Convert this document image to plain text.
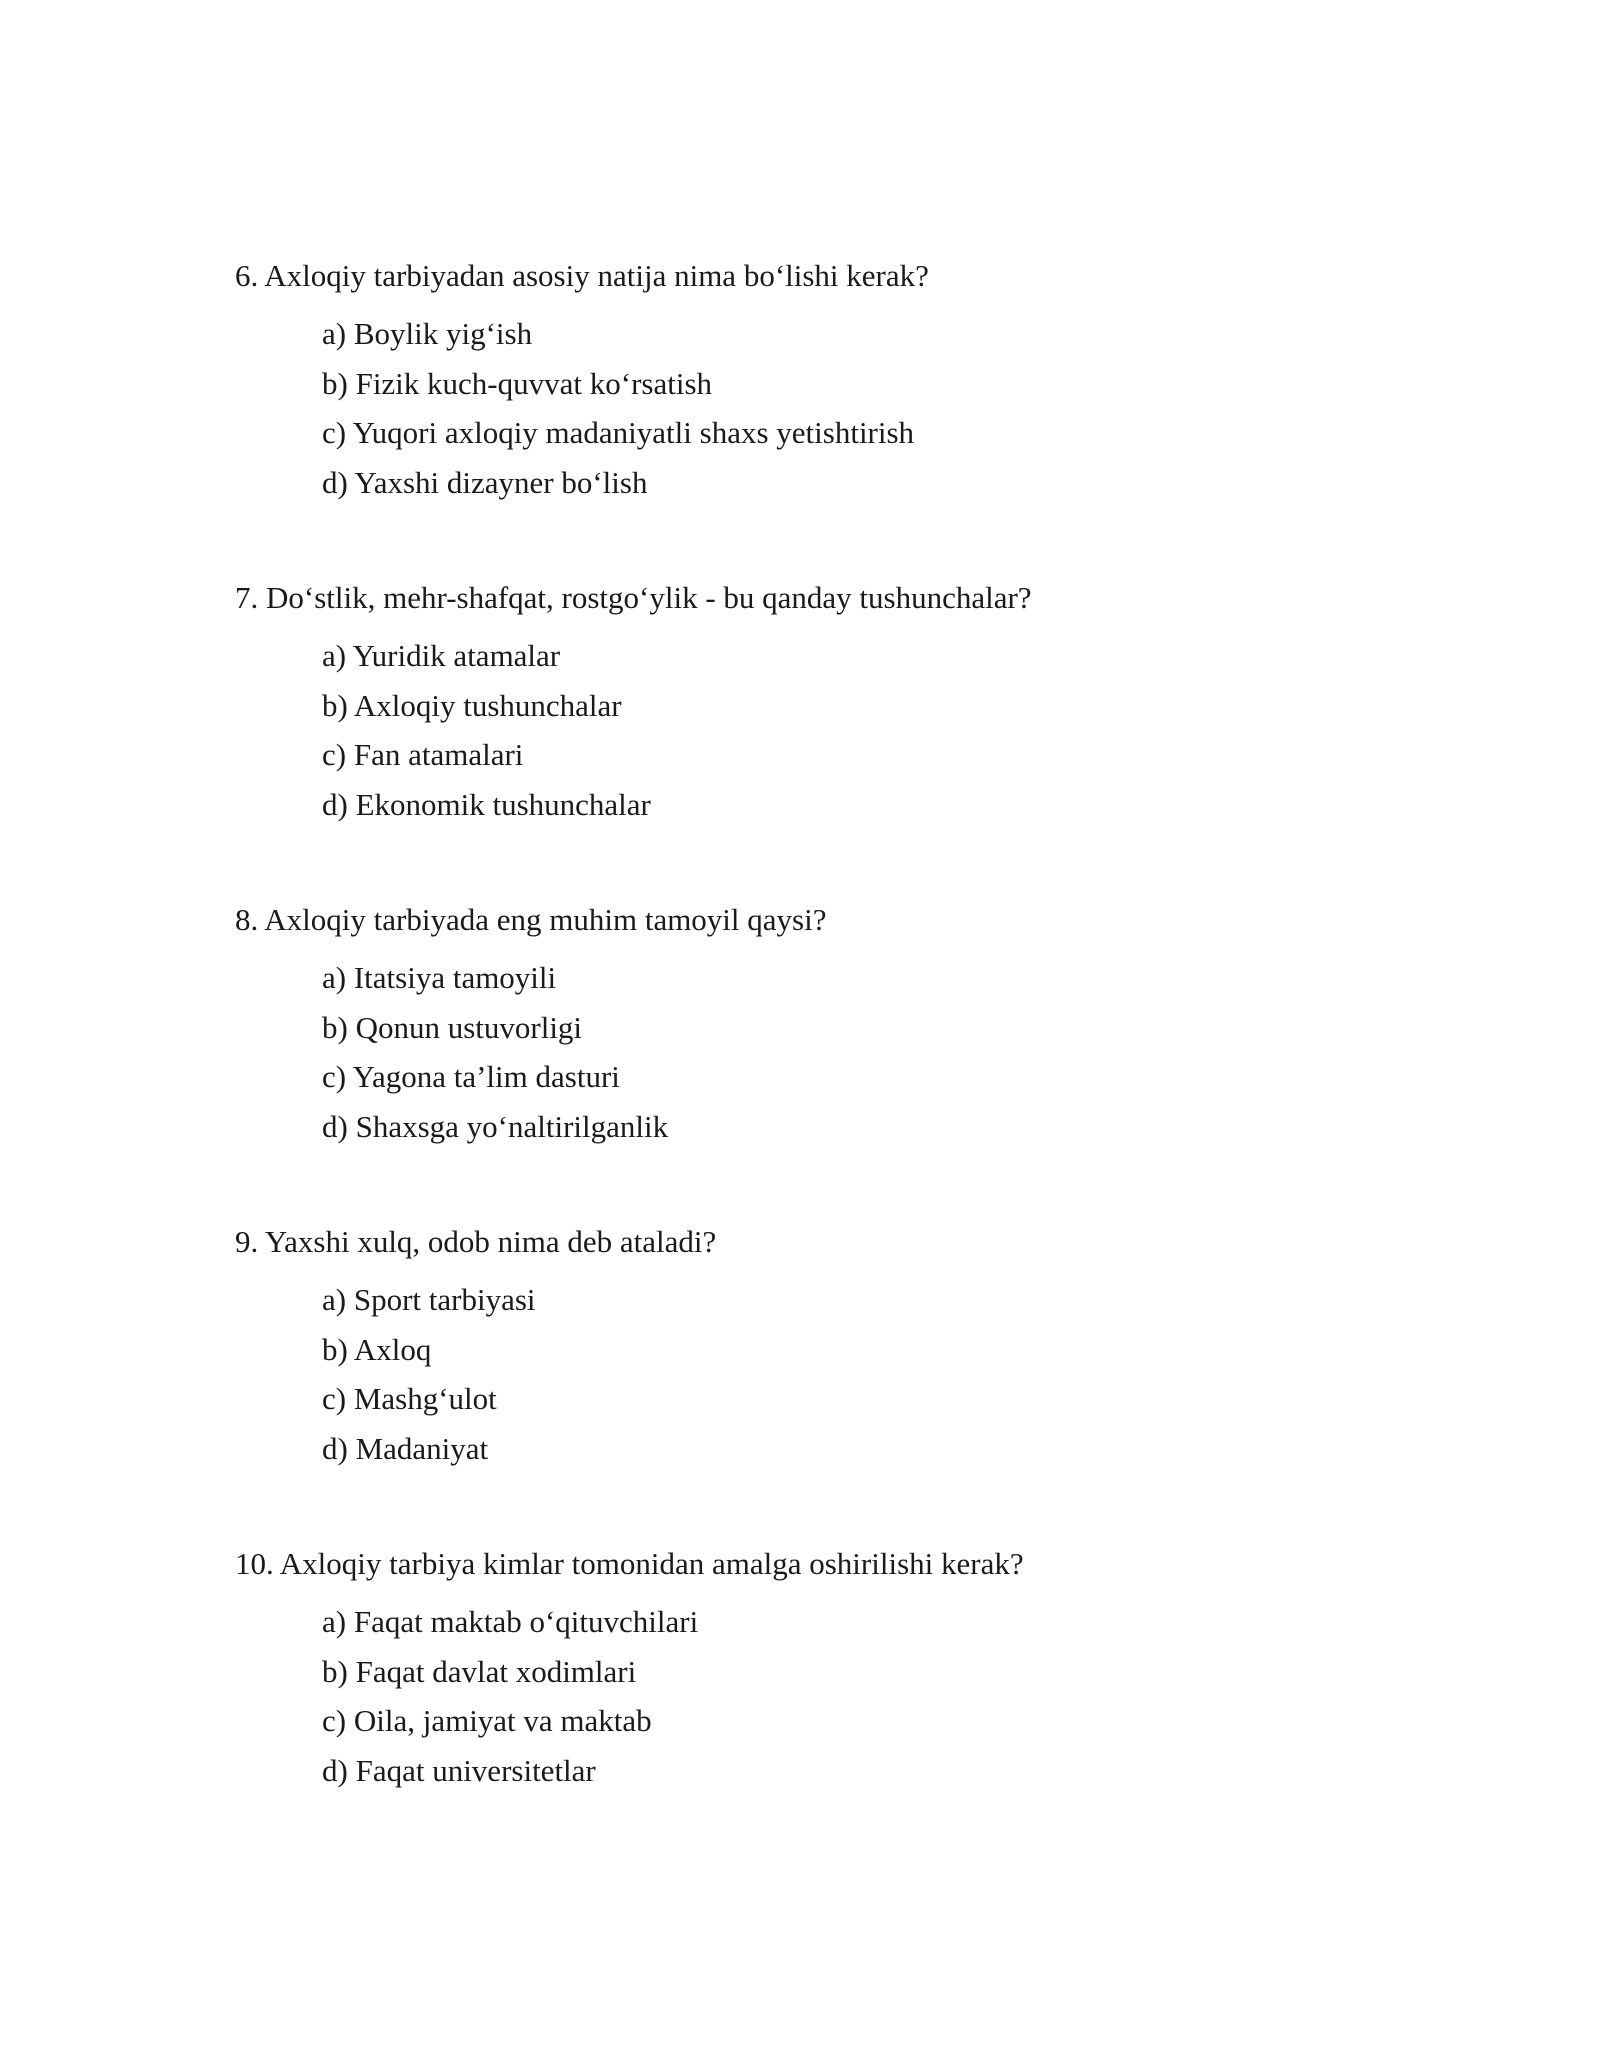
6. Axloqiy tarbiyadan asosiy natija nima bo‘lishi kerak?
a) Boylik yig‘ish
b) Fizik kuch-quvvat ko‘rsatish
c) Yuqori axloqiy madaniyatli shaxs yetishtirish
d) Yaxshi dizayner bo‘lish
7. Do‘stlik, mehr-shafqat, rostgo‘ylik - bu qanday tushunchalar?
a) Yuridik atamalar
b) Axloqiy tushunchalar
c) Fan atamalari
d) Ekonomik tushunchalar
8. Axloqiy tarbiyada eng muhim tamoyil qaysi?
a) Itatsiya tamoyili
b) Qonun ustuvorligi
c) Yagona ta’lim dasturi
d) Shaxsga yo‘naltirilganlik
9. Yaxshi xulq, odob nima deb ataladi?
a) Sport tarbiyasi
b) Axloq
c) Mashg‘ulot
d) Madaniyat
10. Axloqiy tarbiya kimlar tomonidan amalga oshirilishi kerak?
a) Faqat maktab o‘qituvchilari
b) Faqat davlat xodimlari
c) Oila, jamiyat va maktab
d) Faqat universitetlar
